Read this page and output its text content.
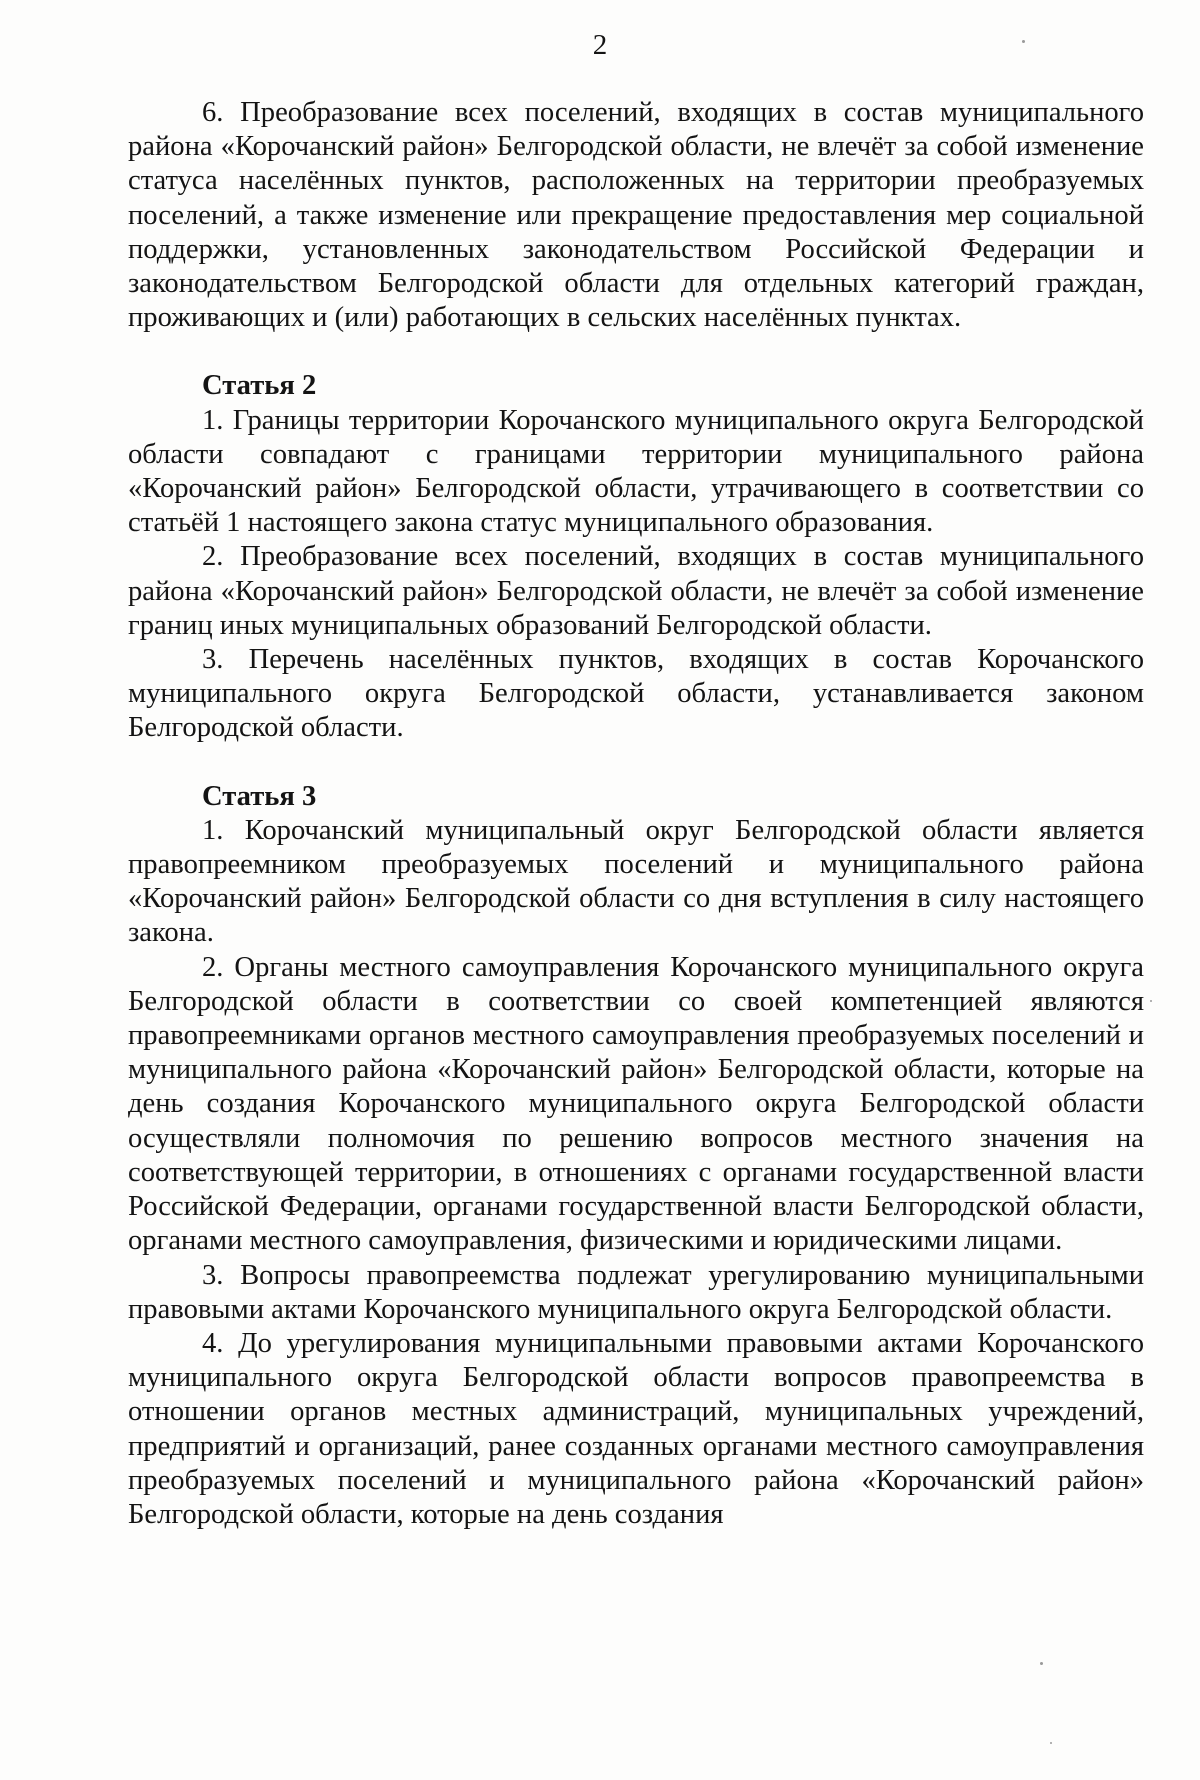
2

6. Преобразование всех поселений, входящих в состав муниципального района «Корочанский район» Белгородской области, не влечёт за собой изменение статуса населённых пунктов, расположенных на территории преобразуемых поселений, а также изменение или прекращение предоставления мер социальной поддержки, установленных законодательством Российской Федерации и законодательством Белгородской области для отдельных категорий граждан, проживающих и (или) работающих в сельских населённых пунктах.

Статья 2

1. Границы территории Корочанского муниципального округа Белгородской области совпадают с границами территории муниципального района «Корочанский район» Белгородской области, утрачивающего в соответствии со статьёй 1 настоящего закона статус муниципального образования.

2. Преобразование всех поселений, входящих в состав муниципального района «Корочанский район» Белгородской области, не влечёт за собой изменение границ иных муниципальных образований Белгородской области.

3. Перечень населённых пунктов, входящих в состав Корочанского муниципального округа Белгородской области, устанавливается законом Белгородской области.

Статья 3

1. Корочанский муниципальный округ Белгородской области является правопреемником преобразуемых поселений и муниципального района «Корочанский район» Белгородской области со дня вступления в силу настоящего закона.

2. Органы местного самоуправления Корочанского муниципального округа Белгородской области в соответствии со своей компетенцией являются правопреемниками органов местного самоуправления преобразуемых поселений и муниципального района «Корочанский район» Белгородской области, которые на день создания Корочанского муниципального округа Белгородской области осуществляли полномочия по решению вопросов местного значения на соответствующей территории, в отношениях с органами государственной власти Российской Федерации, органами государственной власти Белгородской области, органами местного самоуправления, физическими и юридическими лицами.

3. Вопросы правопреемства подлежат урегулированию муниципальными правовыми актами Корочанского муниципального округа Белгородской области.

4. До урегулирования муниципальными правовыми актами Корочанского муниципального округа Белгородской области вопросов правопреемства в отношении органов местных администраций, муниципальных учреждений, предприятий и организаций, ранее созданных органами местного самоуправления преобразуемых поселений и муниципального района «Корочанский район» Белгородской области, которые на день создания
